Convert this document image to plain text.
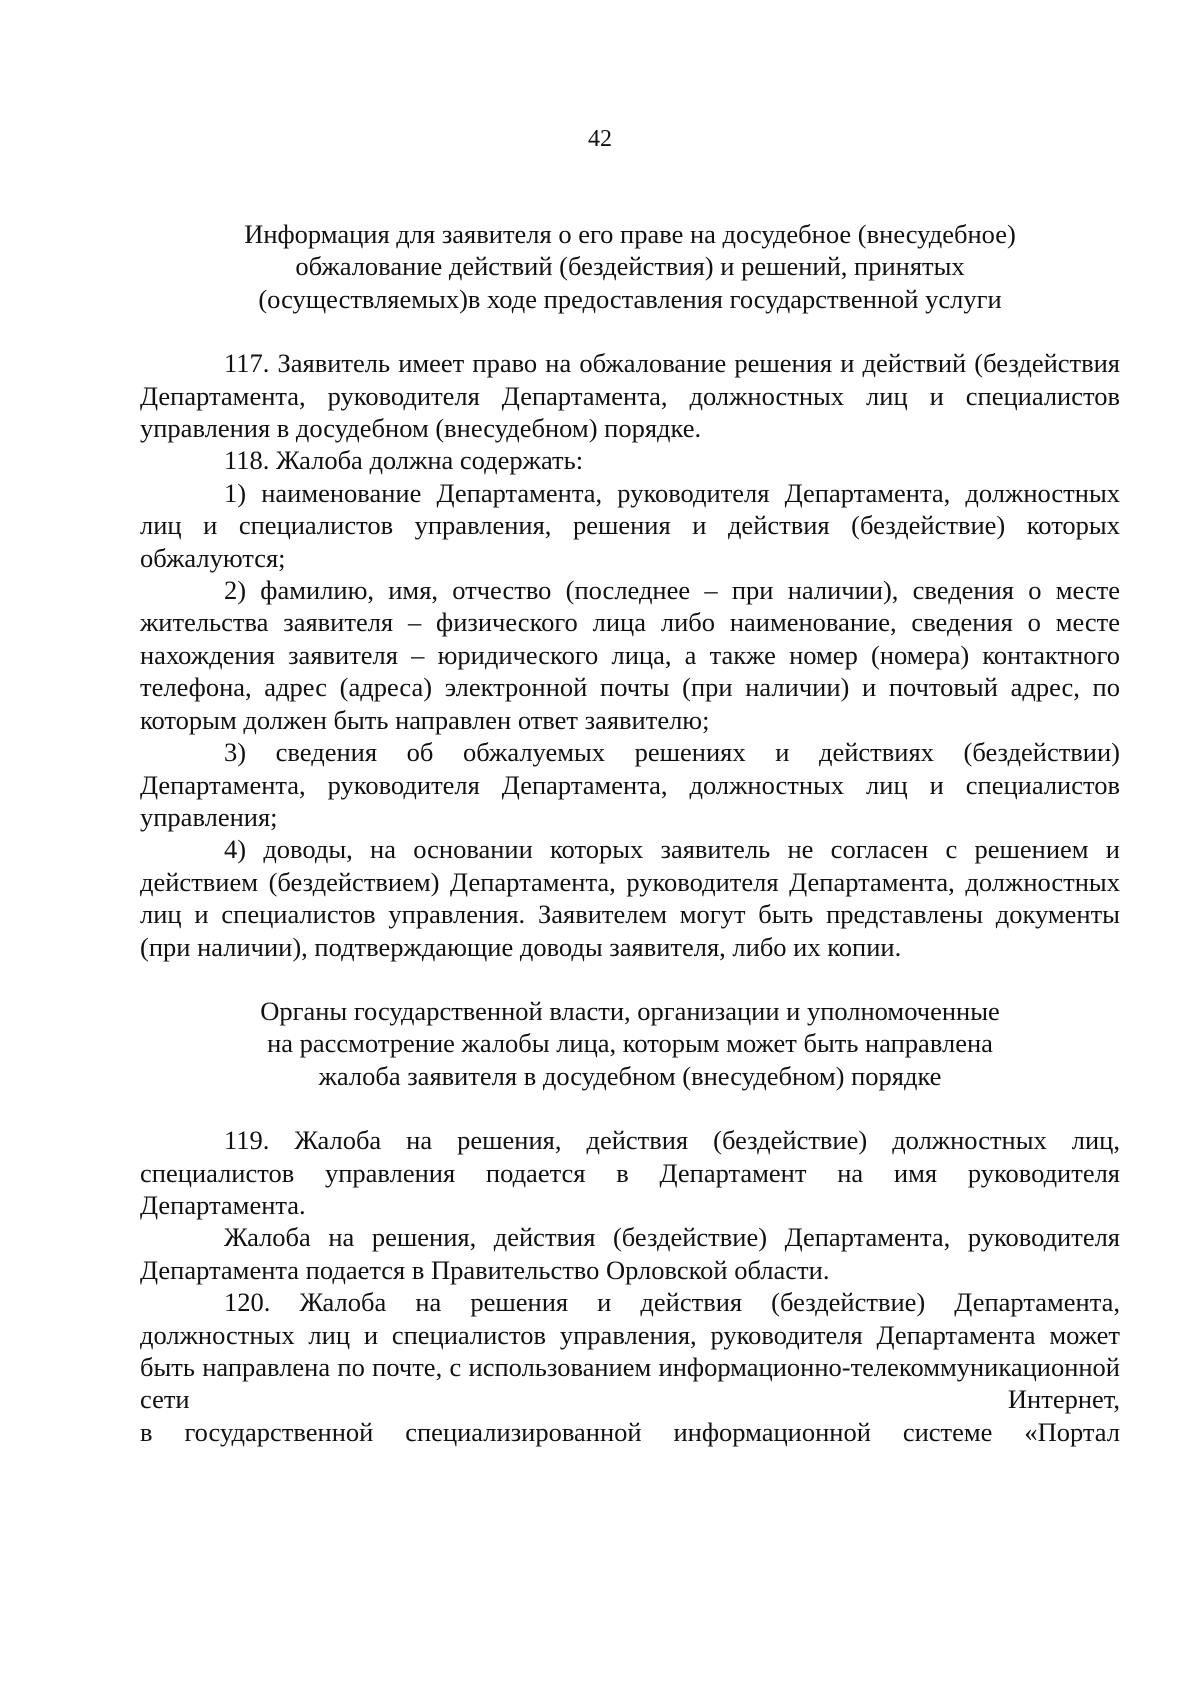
42
Информация для заявителя о его праве на досудебное (внесудебное)
обжалование действий (бездействия) и решений, принятых
(осуществляемых)в ходе предоставления государственной услуги

117. Заявитель имеет право на обжалование решения и действий (бездействия Департамента, руководителя Департамента, должностных лиц и специалистов управления в досудебном (внесудебном) порядке.

118. Жалоба должна содержать:

1) наименование Департамента, руководителя Департамента, должностных лиц и специалистов управления, решения и действия (бездействие) которых обжалуются;

2) фамилию, имя, отчество (последнее – при наличии), сведения о месте жительства заявителя – физического лица либо наименование, сведения о месте нахождения заявителя – юридического лица, а также номер (номера) контактного телефона, адрес (адреса) электронной почты (при наличии) и почтовый адрес, по которым должен быть направлен ответ заявителю;

3) сведения об обжалуемых решениях и действиях (бездействии) Департамента, руководителя Департамента, должностных лиц и специалистов управления;

4) доводы, на основании которых заявитель не согласен с решением и действием (бездействием) Департамента, руководителя Департамента, должностных лиц и специалистов управления. Заявителем могут быть представлены документы (при наличии), подтверждающие доводы заявителя, либо их копии.

Органы государственной власти, организации и уполномоченные
на рассмотрение жалобы лица, которым может быть направлена
жалоба заявителя в досудебном (внесудебном) порядке

119. Жалоба на решения, действия (бездействие) должностных лиц, специалистов управления подается в Департамент на имя руководителя Департамента.

Жалоба на решения, действия (бездействие) Департамента, руководителя Департамента подается в Правительство Орловской области.

120. Жалоба на решения и действия (бездействие) Департамента, должностных лиц и специалистов управления, руководителя Департамента может быть направлена по почте, с использованием информационно-телекоммуникационной сети Интернет,

в государственной специализированной информационной системе «Портал
